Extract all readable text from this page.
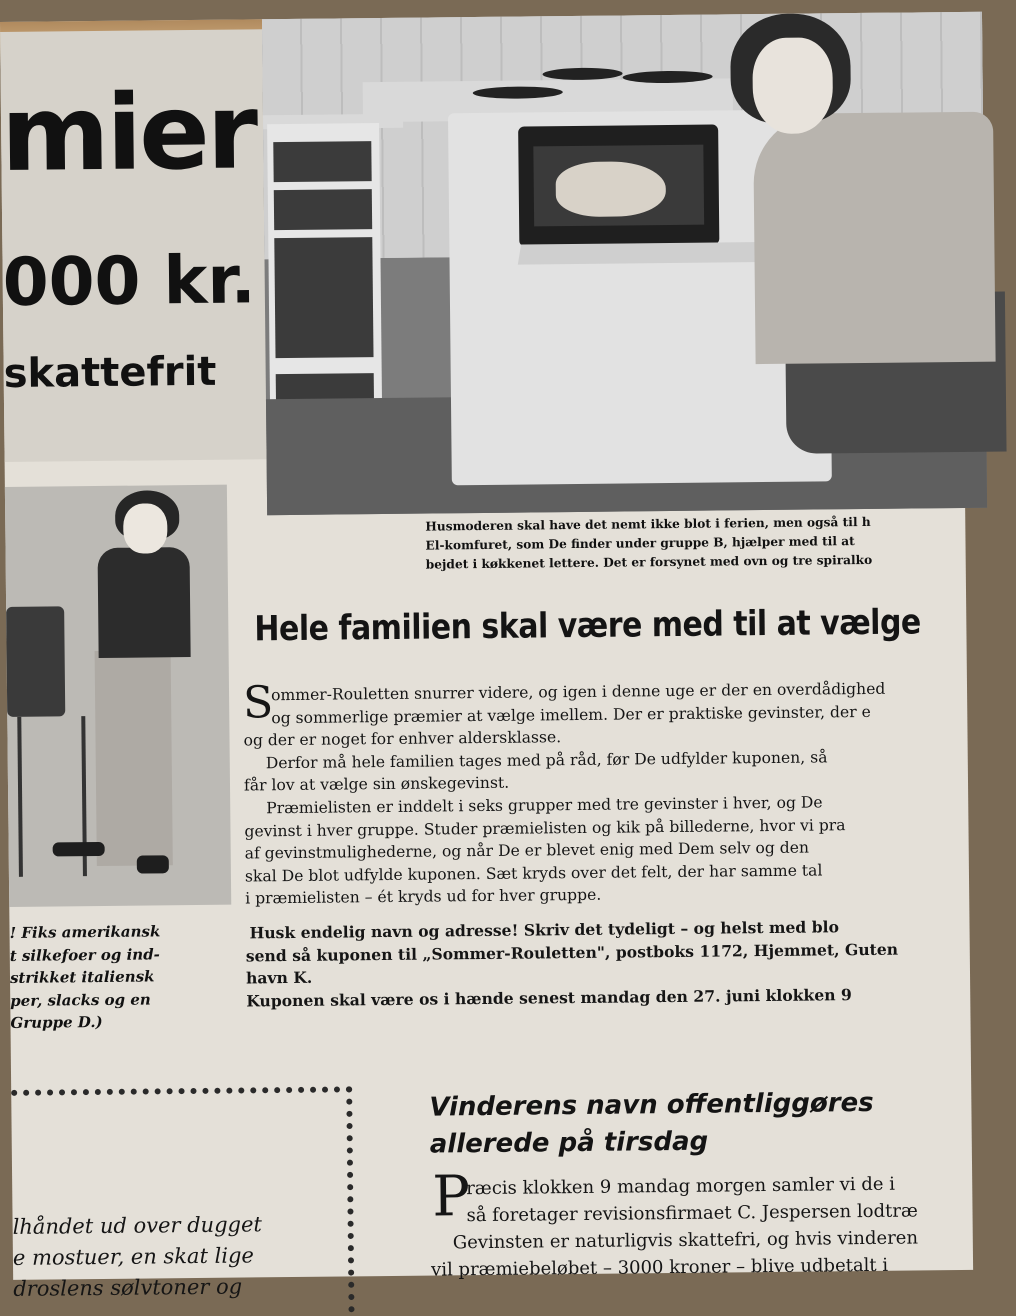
mier
000 kr.
skattefrit
Husmoderen skal have det nemt ikke blot i ferien, men også til h
El-komfuret, som De finder under gruppe B, hjælper med til at
bejdet i køkkenet lettere. Det er forsynet med ovn og tre spiralko
! Fiks amerikansk
t silkefoer og ind-
strikket italiensk
per, slacks og en
Gruppe D.)
Hele familien skal være med til at vælge
S
ommer-Rouletten snurrer videre, og igen i denne uge er der en overdådighed
og sommerlige præmier at vælge imellem. Der er praktiske gevinster, der e
og der er noget for enhver aldersklasse.
Derfor må hele familien tages med på råd, før De udfylder kuponen, så
får lov at vælge sin ønskegevinst.
Præmielisten er inddelt i seks grupper med tre gevinster i hver, og De
gevinst i hver gruppe. Studer præmielisten og kik på billederne, hvor vi pra
af gevinstmulighederne, og når De er blevet enig med Dem selv og den
skal De blot udfylde kuponen. Sæt kryds over det felt, der har samme tal
i præmielisten – ét kryds ud for hver gruppe.
Husk endelig navn og adresse! Skriv det tydeligt – og helst med blo
send så kuponen til „Sommer-Rouletten", postboks 1172, Hjemmet, Guten
havn K.
Kuponen skal være os i hænde senest mandag den 27. juni klokken 9
lhåndet ud over dugget
e mostuer, en skat lige
droslens sølvtoner og
Vinderens navn offentliggøres
allerede på tirsdag
P
ræcis klokken 9 mandag morgen samler vi de i
så foretager revisionsfirmaet C. Jespersen lodtræ
Gevinsten er naturligvis skattefri, og hvis vinderen
vil præmiebeløbet – 3000 kroner – blive udbetalt i
